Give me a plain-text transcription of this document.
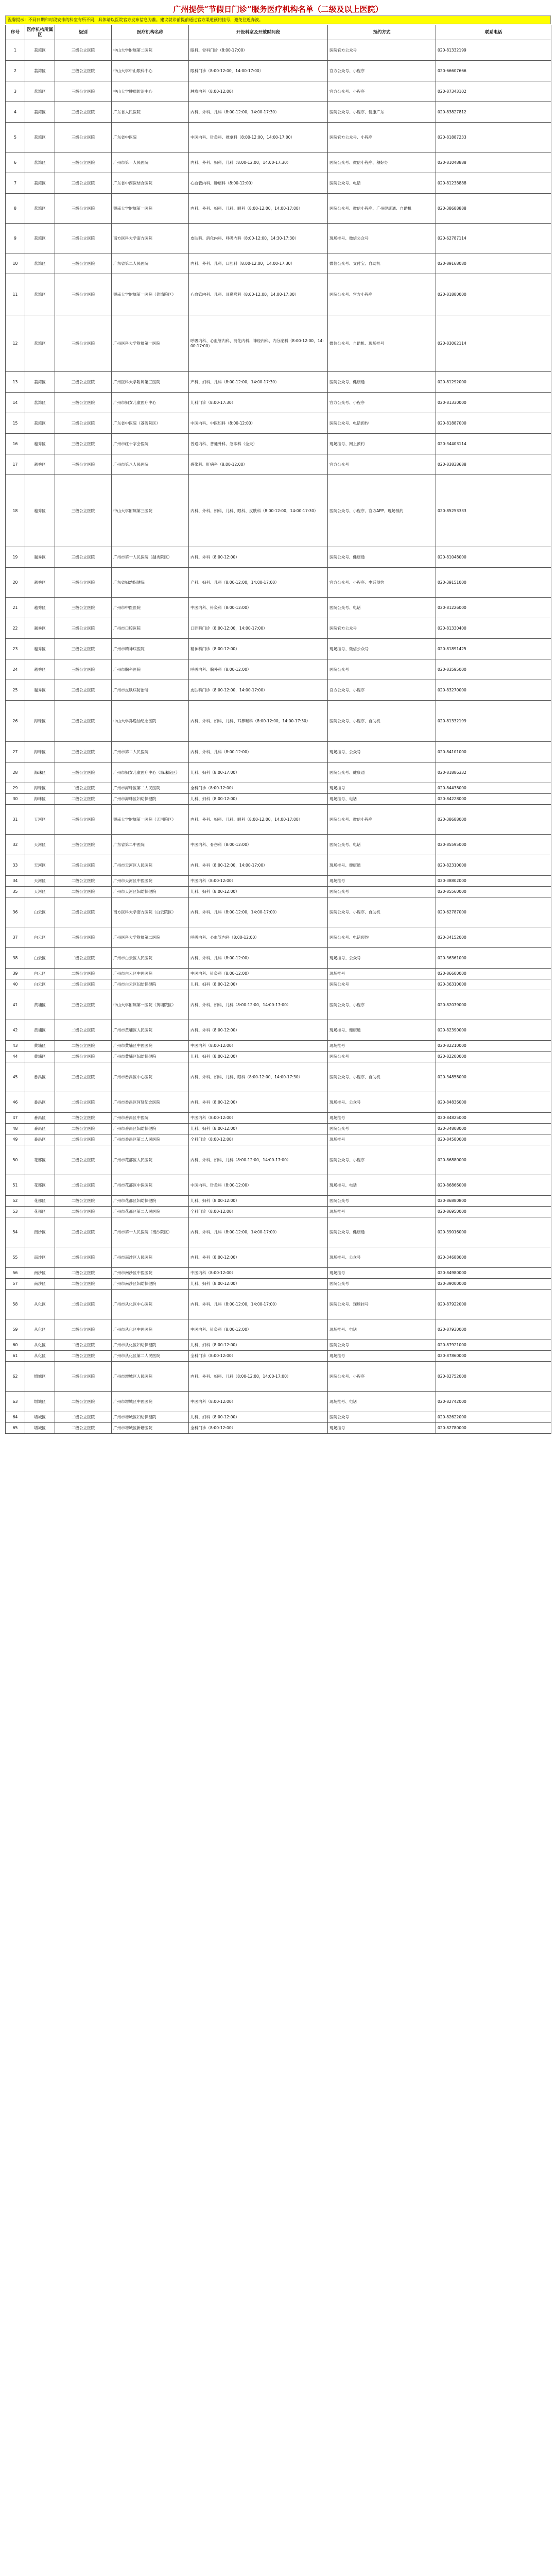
广州提供“节假日门诊”服务医疗机构名单（二级及以上医院）
温馨提示：不同日期和时段安排的科室有所不同，具体请以医院官方发布信息为准。建议就诊前提前通过官方渠道预约挂号，避免往返奔波。
序号	医疗机构所属区	级别	医疗机构名称	开设科室及开放时间段	预约方式	联系电话
1	荔湾区	三级公立医院	中山大学附属第二医院	眼科、骨科门诊（8:00-17:00）	医院官方公众号	020-81332199
2	荔湾区	三级公立医院	中山大学中山眼科中心	眼科门诊（8:00-12:00，14:00-17:00）	官方公众号、小程序	020-66607666
3	荔湾区	三级公立医院	中山大学肿瘤防治中心	肿瘤内科（8:00-12:00）	官方公众号、小程序	020-87343102
4	荔湾区	三级公立医院	广东省人民医院	内科、外科、儿科（8:00-12:00，14:00-17:30）	医院公众号、小程序、健康广东	020-83827812
5	荔湾区	三级公立医院	广东省中医院	中医内科、针灸科、推拿科（8:00-12:00，14:00-17:00）	医院官方公众号、小程序	020-81887233
6	荔湾区	三级公立医院	广州市第一人民医院	内科、外科、妇科、儿科（8:00-12:00，14:00-17:30）	医院公众号、微信小程序、穗好办	020-81048888
7	荔湾区	三级公立医院	广东省中西医结合医院	心血管内科、肿瘤科（8:00-12:00）	医院公众号、电话	020-81238888
8	荔湾区	三级公立医院	暨南大学附属第一医院	内科、外科、妇科、儿科、眼科（8:00-12:00，14:00-17:00）	医院公众号、微信小程序、广州健康通、自助机	020-38688888
9	荔湾区	三级公立医院	南方医科大学南方医院	皮肤科、消化内科、呼吸内科（8:00-12:00，14:30-17:30）	现场挂号、微信公众号	020-62787114
10	荔湾区	三级公立医院	广东省第二人民医院	内科、外科、儿科、口腔科（8:00-12:00，14:00-17:30）	微信公众号、支付宝、自助机	020-89168080
11	荔湾区	三级公立医院	暨南大学附属第一医院（荔湾院区）	心血管内科、儿科、耳鼻喉科（8:00-12:00，14:00-17:00）	医院公众号、官方小程序	020-81880000
12	荔湾区	三级公立医院	广州医科大学附属第一医院	呼吸内科、心血管内科、消化内科、神经内科、内分泌科（8:00-12:00，14:00-17:00）	微信公众号、自助机、现场挂号	020-83062114
13	荔湾区	三级公立医院	广州医科大学附属第三医院	产科、妇科、儿科（8:00-12:00，14:00-17:30）	医院公众号、健康通	020-81292000
14	荔湾区	三级公立医院	广州市妇女儿童医疗中心	儿科门诊（8:00-17:30）	官方公众号、小程序	020-81330000
15	荔湾区	三级公立医院	广东省中医院（荔湾院区）	中医内科、中医妇科（8:00-12:00）	医院公众号、电话预约	020-81887000
16	越秀区	三级公立医院	广州市红十字会医院	普通内科、普通外科、急诊科（全天）	现场挂号、网上预约	020-34403114
17	越秀区	三级公立医院	广州市第八人民医院	感染科、肝病科（8:00-12:00）	官方公众号	020-83838688
18	越秀区	三级公立医院	中山大学附属第三医院	内科、外科、妇科、儿科、眼科、皮肤科（8:00-12:00，14:00-17:30）	医院公众号、小程序、官方APP、现场预约	020-85253333
19	越秀区	三级公立医院	广州市第一人民医院（越秀院区）	内科、外科（8:00-12:00）	医院公众号、健康通	020-81048000
20	越秀区	三级公立医院	广东省妇幼保健院	产科、妇科、儿科（8:00-12:00，14:00-17:00）	官方公众号、小程序、电话预约	020-39151000
21	越秀区	三级公立医院	广州市中医医院	中医内科、针灸科（8:00-12:00）	医院公众号、电话	020-81226000
22	越秀区	三级公立医院	广州市口腔医院	口腔科门诊（8:00-12:00，14:00-17:00）	医院官方公众号	020-81330400
23	越秀区	三级公立医院	广州市精神病医院	精神科门诊（8:00-12:00）	现场挂号、微信公众号	020-81891425
24	越秀区	三级公立医院	广州市胸科医院	呼吸内科、胸外科（8:00-12:00）	医院公众号	020-83595000
25	越秀区	三级公立医院	广州市皮肤病防治所	皮肤科门诊（8:00-12:00，14:00-17:00）	官方公众号、小程序	020-83270000
26	海珠区	三级公立医院	中山大学孙逸仙纪念医院	内科、外科、妇科、儿科、耳鼻喉科（8:00-12:00，14:00-17:30）	医院公众号、小程序、自助机	020-81332199
27	海珠区	三级公立医院	广州市第二人民医院	内科、外科、儿科（8:00-12:00）	现场挂号、公众号	020-84101000
28	海珠区	三级公立医院	广州市妇女儿童医疗中心（海珠院区）	儿科、妇科（8:00-17:00）	医院公众号、健康通	020-81886332
29	海珠区	二级公立医院	广州市海珠区第二人民医院	全科门诊（8:00-12:00）	现场挂号	020-84438000
30	海珠区	二级公立医院	广州市海珠区妇幼保健院	儿科、妇科（8:00-12:00）	现场挂号、电话	020-84228000
31	天河区	三级公立医院	暨南大学附属第一医院（天河院区）	内科、外科、妇科、儿科、眼科（8:00-12:00，14:00-17:00）	医院公众号、微信小程序	020-38688000
32	天河区	三级公立医院	广东省第二中医院	中医内科、骨伤科（8:00-12:00）	医院公众号、电话	020-85595000
33	天河区	三级公立医院	广州市天河区人民医院	内科、外科（8:00-12:00，14:00-17:00）	现场挂号、健康通	020-82310000
34	天河区	二级公立医院	广州市天河区中医医院	中医内科（8:00-12:00）	现场挂号	020-38802000
35	天河区	二级公立医院	广州市天河区妇幼保健院	儿科、妇科（8:00-12:00）	医院公众号	020-85560000
36	白云区	三级公立医院	南方医科大学南方医院（白云院区）	内科、外科、儿科（8:00-12:00，14:00-17:00）	医院公众号、小程序、自助机	020-62787000
37	白云区	三级公立医院	广州医科大学附属第二医院	呼吸内科、心血管内科（8:00-12:00）	医院公众号、电话预约	020-34152000
38	白云区	二级公立医院	广州市白云区人民医院	内科、外科、儿科（8:00-12:00）	现场挂号、公众号	020-36361000
39	白云区	二级公立医院	广州市白云区中医医院	中医内科、针灸科（8:00-12:00）	现场挂号	020-86600000
40	白云区	二级公立医院	广州市白云区妇幼保健院	儿科、妇科（8:00-12:00）	医院公众号	020-36310000
41	黄埔区	三级公立医院	中山大学附属第一医院（黄埔院区）	内科、外科、妇科、儿科（8:00-12:00，14:00-17:00）	医院公众号、小程序	020-82079000
42	黄埔区	二级公立医院	广州市黄埔区人民医院	内科、外科（8:00-12:00）	现场挂号、健康通	020-82390000
43	黄埔区	二级公立医院	广州市黄埔区中医医院	中医内科（8:00-12:00）	现场挂号	020-82210000
44	黄埔区	二级公立医院	广州市黄埔区妇幼保健院	儿科、妇科（8:00-12:00）	医院公众号	020-82200000
45	番禺区	三级公立医院	广州市番禺区中心医院	内科、外科、妇科、儿科、眼科（8:00-12:00，14:00-17:30）	医院公众号、小程序、自助机	020-34858000
46	番禺区	二级公立医院	广州市番禺区何贤纪念医院	内科、外科（8:00-12:00）	现场挂号、公众号	020-84836000
47	番禺区	二级公立医院	广州市番禺区中医院	中医内科（8:00-12:00）	现场挂号	020-84825000
48	番禺区	二级公立医院	广州市番禺区妇幼保健院	儿科、妇科（8:00-12:00）	医院公众号	020-34808000
49	番禺区	二级公立医院	广州市番禺区第二人民医院	全科门诊（8:00-12:00）	现场挂号	020-84580000
50	花都区	三级公立医院	广州市花都区人民医院	内科、外科、妇科、儿科（8:00-12:00，14:00-17:00）	医院公众号、小程序	020-86880000
51	花都区	二级公立医院	广州市花都区中医医院	中医内科、针灸科（8:00-12:00）	现场挂号、电话	020-86866000
52	花都区	二级公立医院	广州市花都区妇幼保健院	儿科、妇科（8:00-12:00）	医院公众号	020-86880800
53	花都区	二级公立医院	广州市花都区第二人民医院	全科门诊（8:00-12:00）	现场挂号	020-86950000
54	南沙区	三级公立医院	广州市第一人民医院（南沙院区）	内科、外科、儿科（8:00-12:00，14:00-17:00）	医院公众号、健康通	020-39016000
55	南沙区	二级公立医院	广州市南沙区人民医院	内科、外科（8:00-12:00）	现场挂号、公众号	020-34688000
56	南沙区	二级公立医院	广州市南沙区中医医院	中医内科（8:00-12:00）	现场挂号	020-84980000
57	南沙区	二级公立医院	广州市南沙区妇幼保健院	儿科、妇科（8:00-12:00）	医院公众号	020-39000000
58	从化区	二级公立医院	广州市从化区中心医院	内科、外科、儿科（8:00-12:00，14:00-17:00）	医院公众号、现场挂号	020-87922000
59	从化区	二级公立医院	广州市从化区中医医院	中医内科、针灸科（8:00-12:00）	现场挂号、电话	020-87930000
60	从化区	二级公立医院	广州市从化区妇幼保健院	儿科、妇科（8:00-12:00）	医院公众号	020-87921000
61	从化区	二级公立医院	广州市从化区第二人民医院	全科门诊（8:00-12:00）	现场挂号	020-87860000
62	增城区	三级公立医院	广州市增城区人民医院	内科、外科、妇科、儿科（8:00-12:00，14:00-17:00）	医院公众号、小程序	020-82752000
63	增城区	二级公立医院	广州市增城区中医医院	中医内科（8:00-12:00）	现场挂号、电话	020-82742000
64	增城区	二级公立医院	广州市增城区妇幼保健院	儿科、妇科（8:00-12:00）	医院公众号	020-82622000
65	增城区	二级公立医院	广州市增城区新塘医院	全科门诊（8:00-12:00）	现场挂号	020-82780000
